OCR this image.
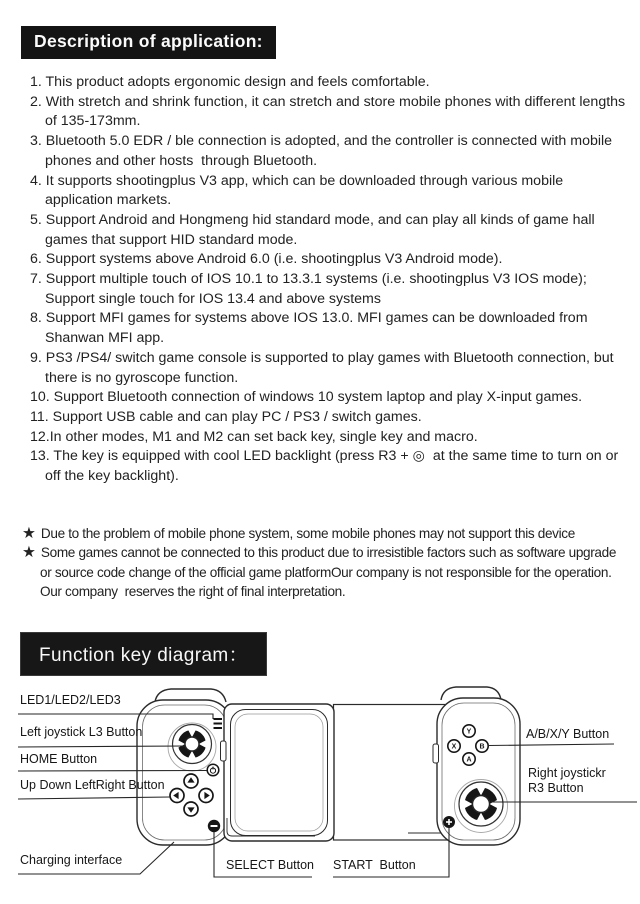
Description of application:
1. This product adopts ergonomic design and feels comfortable.
2. With stretch and shrink function, it can stretch and store mobile phones with different lengths of 135-173mm.
3. Bluetooth 5.0 EDR / ble connection is adopted, and the controller is connected with mobile phones and other hosts  through Bluetooth.
4. It supports shootingplus V3 app, which can be downloaded through various mobile application markets.
5. Support Android and Hongmeng hid standard mode, and can play all kinds of game hall games that support HID standard mode.
6. Support systems above Android 6.0 (i.e. shootingplus V3 Android mode).
7. Support multiple touch of IOS 10.1 to 13.3.1 systems (i.e. shootingplus V3 IOS mode); Support single touch for IOS 13.4 and above systems
8. Support MFI games for systems above IOS 13.0. MFI games can be downloaded from Shanwan MFI app.
9. PS3 /PS4/ switch game console is supported to play games with Bluetooth connection, but there is no gyroscope function.
10. Support Bluetooth connection of windows 10 system laptop and play X-input games.
11. Support USB cable and can play PC / PS3 / switch games.
12.In other modes, M1 and M2 can set back key, single key and macro.
13. The key is equipped with cool LED backlight (press R3 + ◎  at the same time to turn on or off the key backlight).
★ Due to the problem of mobile phone system, some mobile phones may not support this device
★ Some games cannot be connected to this product due to irresistible factors such as software upgrade or source code change of the official game platformOur company is not responsible for the operation. Our company  reserves the right of final interpretation.
Function key diagram：
Y
X	B
A
LED1/LED2/LED3
Left joystick L3 Button
HOME Button
Up Down LeftRight Button
Charging interface	SELECT Button START  Button
A/B/X/Y Button
Right joystickr
R3 Button
